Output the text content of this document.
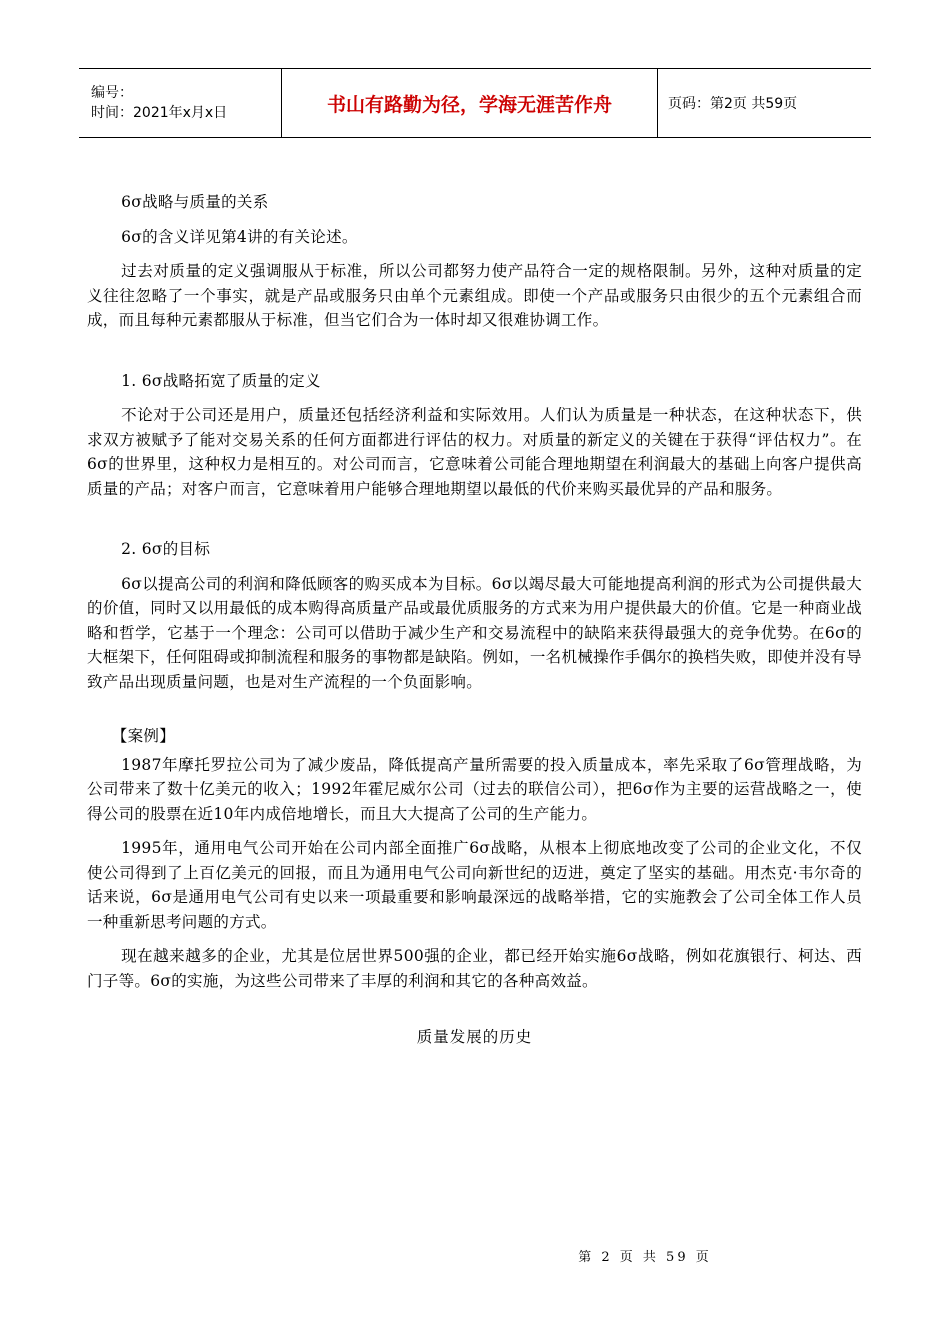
编号：
时间：2021年x月x日	书山有路勤为径，学海无涯苦作舟	页码：第2页 共59页
6σ战略与质量的关系

6σ的含义详见第4讲的有关论述。

过去对质量的定义强调服从于标准，所以公司都努力使产品符合一定的规格限制。另外，这种对质量的定义往往忽略了一个事实，就是产品或服务只由单个元素组成。即使一个产品或服务只由很少的五个元素组合而成，而且每种元素都服从于标准，但当它们合为一体时却又很难协调工作。

1. 6σ战略拓宽了质量的定义

不论对于公司还是用户，质量还包括经济利益和实际效用。人们认为质量是一种状态，在这种状态下，供求双方被赋予了能对交易关系的任何方面都进行评估的权力。对质量的新定义的关键在于获得“评估权力”。在6σ的世界里，这种权力是相互的。对公司而言，它意味着公司能合理地期望在利润最大的基础上向客户提供高质量的产品；对客户而言，它意味着用户能够合理地期望以最低的代价来购买最优异的产品和服务。

2. 6σ的目标

6σ以提高公司的利润和降低顾客的购买成本为目标。6σ以竭尽最大可能地提高利润的形式为公司提供最大的价值，同时又以用最低的成本购得高质量产品或最优质服务的方式来为用户提供最大的价值。它是一种商业战略和哲学，它基于一个理念：公司可以借助于减少生产和交易流程中的缺陷来获得最强大的竞争优势。在6σ的大框架下，任何阻碍或抑制流程和服务的事物都是缺陷。例如，一名机械操作手偶尔的换档失败，即使并没有导致产品出现质量问题，也是对生产流程的一个负面影响。

【案例】

1987年摩托罗拉公司为了减少废品，降低提高产量所需要的投入质量成本，率先采取了6σ管理战略，为公司带来了数十亿美元的收入；1992年霍尼威尔公司（过去的联信公司），把6σ作为主要的运营战略之一，使得公司的股票在近10年内成倍地增长，而且大大提高了公司的生产能力。

1995年，通用电气公司开始在公司内部全面推广6σ战略，从根本上彻底地改变了公司的企业文化，不仅使公司得到了上百亿美元的回报，而且为通用电气公司向新世纪的迈进，奠定了坚实的基础。用杰克·韦尔奇的话来说，6σ是通用电气公司有史以来一项最重要和影响最深远的战略举措，它的实施教会了公司全体工作人员一种重新思考问题的方式。

现在越来越多的企业，尤其是位居世界500强的企业，都已经开始实施6σ战略，例如花旗银行、柯达、西门子等。6σ的实施，为这些公司带来了丰厚的利润和其它的各种高效益。

质量发展的历史
第 2 页 共 59 页
